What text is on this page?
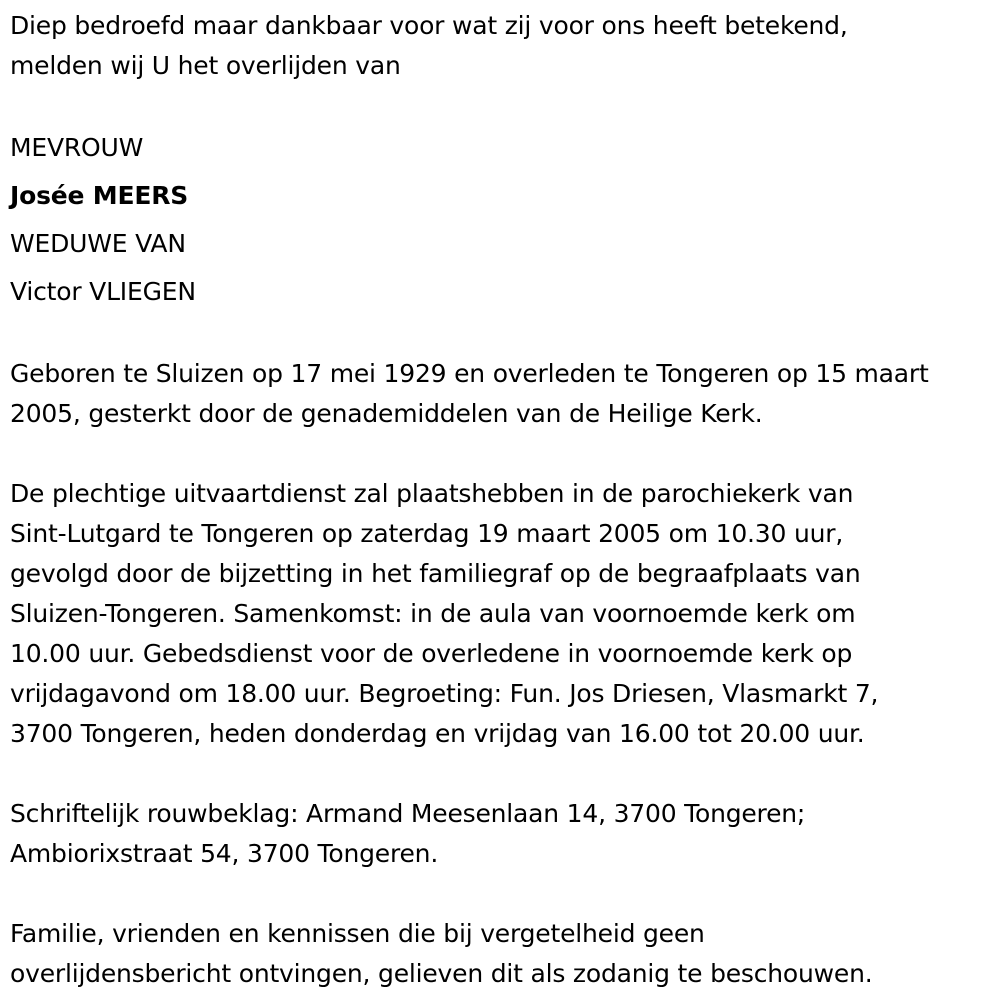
Diep bedroefd maar dankbaar voor wat zij voor ons heeft betekend,
melden wij U het overlijden van

MEVROUW
Josée MEERS
WEDUWE VAN
Victor VLIEGEN

Geboren te Sluizen op 17 mei 1929 en overleden te Tongeren op 15 maart
2005, gesterkt door de genademiddelen van de Heilige Kerk.

De plechtige uitvaartdienst zal plaatshebben in de parochiekerk van
Sint-Lutgard te Tongeren op zaterdag 19 maart 2005 om 10.30 uur,
gevolgd door de bijzetting in het familiegraf op de begraafplaats van
Sluizen-Tongeren. Samenkomst: in de aula van voornoemde kerk om
10.00 uur. Gebedsdienst voor de overledene in voornoemde kerk op
vrijdagavond om 18.00 uur. Begroeting: Fun. Jos Driesen, Vlasmarkt 7,
3700 Tongeren, heden donderdag en vrijdag van 16.00 tot 20.00 uur.

Schriftelijk rouwbeklag: Armand Meesenlaan 14, 3700 Tongeren;
Ambiorixstraat 54, 3700 Tongeren.

Familie, vrienden en kennissen die bij vergetelheid geen
overlijdensbericht ontvingen, gelieven dit als zodanig te beschouwen.
